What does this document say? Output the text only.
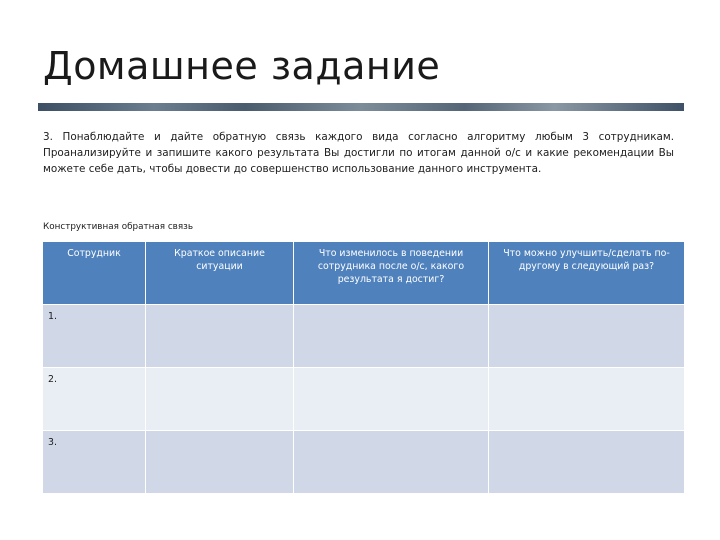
Домашнее задание
3. Понаблюдайте и дайте обратную связь каждого вида согласно алгоритму любым 3 сотрудникам. Проанализируйте и запишите какого результата Вы достигли по итогам данной о/с и какие рекомендации Вы можете себе дать, чтобы довести до совершенство использование данного инструмента.
Конструктивная обратная связь
Сотрудник	Краткое описание ситуации	Что изменилось в поведении сотрудника после о/с, какого результата я достиг?	Что можно улучшить/сделать по-другому в следующий раз?
1.			
2.			
3.			
